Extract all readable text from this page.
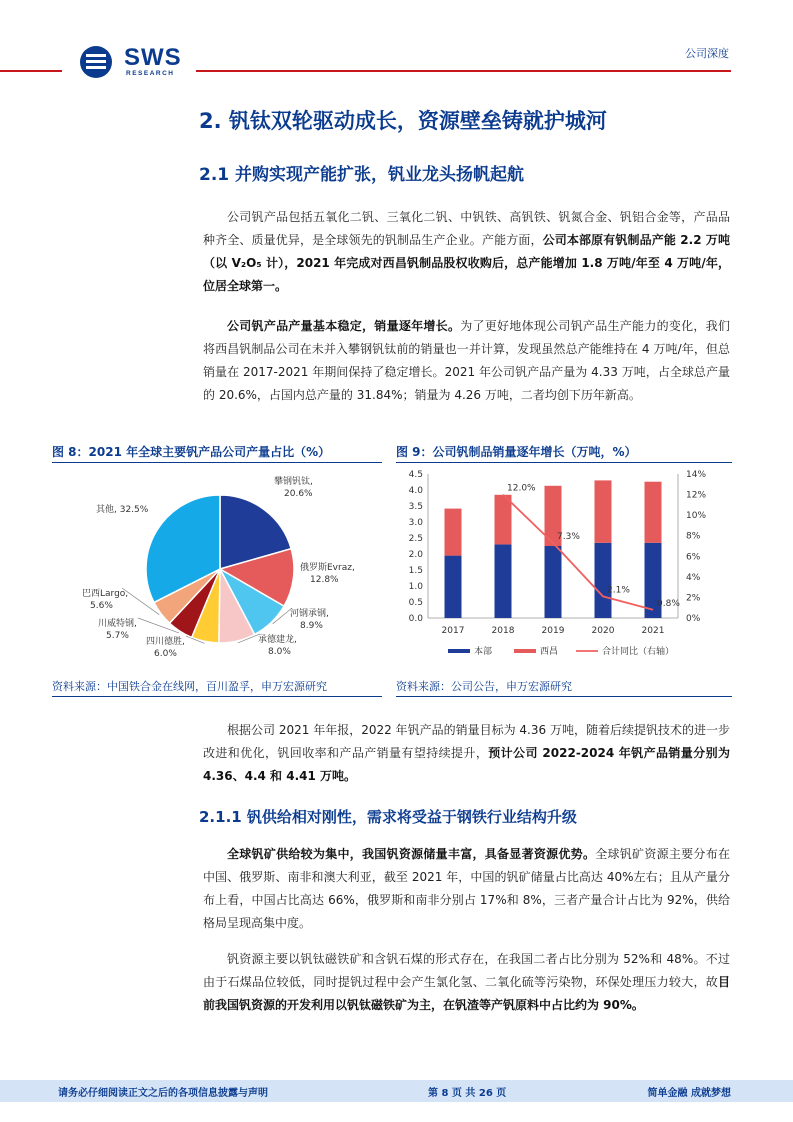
SWS
RESEARCH
公司深度
2. 钒钛双轮驱动成长，资源壁垒铸就护城河
2.1 并购实现产能扩张，钒业龙头扬帆起航

公司钒产品包括五氧化二钒、三氧化二钒、中钒铁、高钒铁、钒氮合金、钒铝合金等，产品品种齐全、质量优异，是全球领先的钒制品生产企业。产能方面，公司本部原有钒制品产能 2.2 万吨（以 V₂O₅ 计），2021 年完成对西昌钒制品股权收购后，总产能增加 1.8 万吨/年至 4 万吨/年，位居全球第一。

公司钒产品产量基本稳定，销量逐年增长。为了更好地体现公司钒产品生产能力的变化，我们将西昌钒制品公司在未并入攀钢钒钛前的销量也一并计算，发现虽然总产能维持在 4 万吨/年，但总销量在 2017-2021 年期间保持了稳定增长。2021 年公司钒产品产量为 4.33 万吨，占全球总产量的 20.6%，占国内总产量的 31.84%；销量为 4.26 万吨，二者均创下历年新高。

图 8：2021 年全球主要钒产品公司产量占比（%）
攀钢钒钛,
20.6%
俄罗斯Evraz,
12.8%
河钢承钢,
8.9%
承德建龙,
8.0%
四川德胜,
6.0%
川威特钢,
5.7%
巴西Largo,
5.6%
其他, 32.5%
资料来源：中国铁合金在线网，百川盈孚，申万宏源研究
图 9：公司钒制品销量逐年增长（万吨，%）
0.0
0.5
1.0
1.5
2.0
2.5
3.0
3.5
4.0
4.5
0%
2%
4%
6%
8%
10%
12%
14%
2017	2018	2019	2020	2021
12.0%
7.3%
2.1%
0.8%
本部	西昌	合计同比（右轴）
资料来源：公司公告，申万宏源研究

根据公司 2021 年年报，2022 年钒产品的销量目标为 4.36 万吨，随着后续提钒技术的进一步改进和优化，钒回收率和产品产销量有望持续提升，预计公司 2022-2024 年钒产品销量分别为 4.36、4.4 和 4.41 万吨。

2.1.1 钒供给相对刚性，需求将受益于钢铁行业结构升级

全球钒矿供给较为集中，我国钒资源储量丰富，具备显著资源优势。全球钒矿资源主要分布在中国、俄罗斯、南非和澳大利亚，截至 2021 年，中国的钒矿储量占比高达 40%左右；且从产量分布上看，中国占比高达 66%，俄罗斯和南非分别占 17%和 8%，三者产量合计占比为 92%，供给格局呈现高集中度。

钒资源主要以钒钛磁铁矿和含钒石煤的形式存在，在我国二者占比分别为 52%和 48%。不过由于石煤品位较低，同时提钒过程中会产生氯化氢、二氧化硫等污染物，环保处理压力较大，故目前我国钒资源的开发利用以钒钛磁铁矿为主，在钒渣等产钒原料中占比约为 90%。

请务必仔细阅读正文之后的各项信息披露与声明	第 8 页 共 26 页	简单金融 成就梦想
